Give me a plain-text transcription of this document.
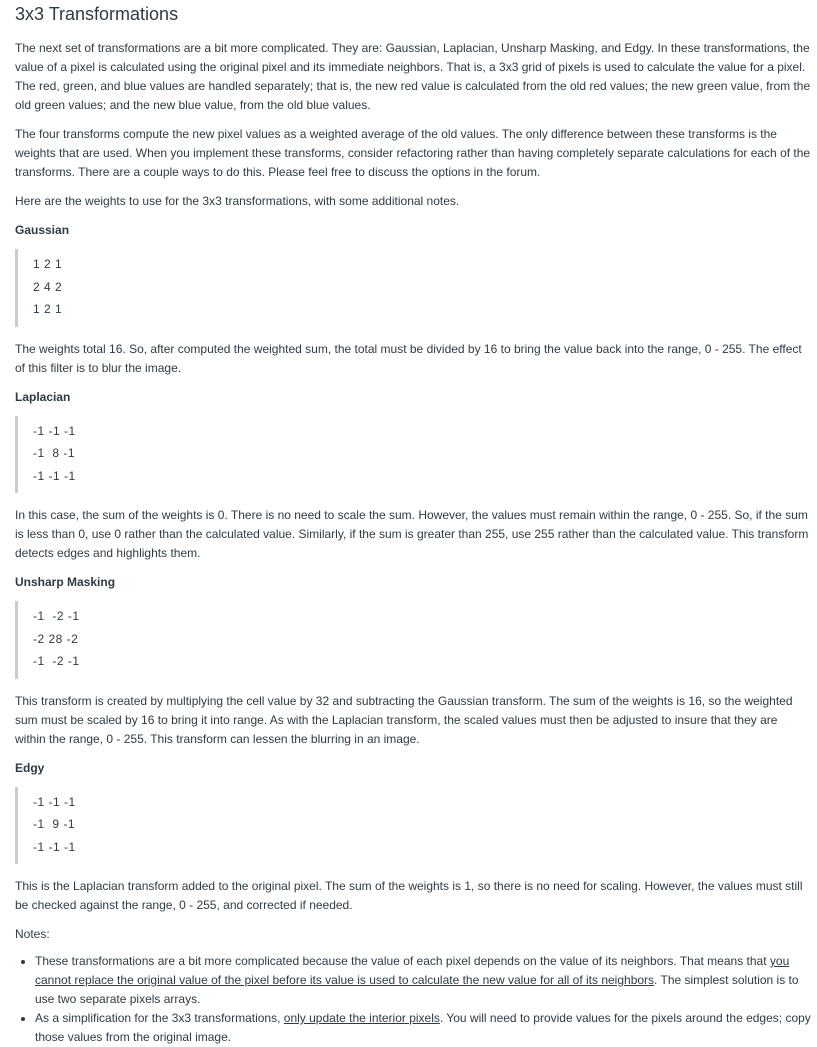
3x3 Transformations

The next set of transformations are a bit more complicated. They are: Gaussian, Laplacian, Unsharp Masking, and Edgy. In these transformations, the value of a pixel is calculated using the original pixel and its immediate neighbors. That is, a 3x3 grid of pixels is used to calculate the value for a pixel. The red, green, and blue values are handled separately; that is, the new red value is calculated from the old red values; the new green value, from the old green values; and the new blue value, from the old blue values.

The four transforms compute the new pixel values as a weighted average of the old values. The only difference between these transforms is the weights that are used. When you implement these transforms, consider refactoring rather than having completely separate calculations for each of the transforms. There are a couple ways to do this. Please feel free to discuss the options in the forum.

Here are the weights to use for the 3x3 transformations, with some additional notes.

Gaussian
1 2 1
2 4 2
1 2 1

The weights total 16. So, after computed the weighted sum, the total must be divided by 16 to bring the value back into the range, 0 - 255. The effect of this filter is to blur the image.

Laplacian
-1 -1 -1
-1  8 -1
-1 -1 -1

In this case, the sum of the weights is 0. There is no need to scale the sum. However, the values must remain within the range, 0 - 255. So, if the sum is less than 0, use 0 rather than the calculated value. Similarly, if the sum is greater than 255, use 255 rather than the calculated value. This transform detects edges and highlights them.

Unsharp Masking
-1  -2 -1
-2 28 -2
-1  -2 -1

This transform is created by multiplying the cell value by 32 and subtracting the Gaussian transform. The sum of the weights is 16, so the weighted sum must be scaled by 16 to bring it into range. As with the Laplacian transform, the scaled values must then be adjusted to insure that they are within the range, 0 - 255. This transform can lessen the blurring in an image.

Edgy
-1 -1 -1
-1  9 -1
-1 -1 -1

This is the Laplacian transform added to the original pixel. The sum of the weights is 1, so there is no need for scaling. However, the values must still be checked against the range, 0 - 255, and corrected if needed.

Notes:

• These transformations are a bit more complicated because the value of each pixel depends on the value of its neighbors. That means that you cannot replace the original value of the pixel before its value is used to calculate the new value for all of its neighbors. The simplest solution is to use two separate pixels arrays.
• As a simplification for the 3x3 transformations, only update the interior pixels. You will need to provide values for the pixels around the edges; copy those values from the original image.
